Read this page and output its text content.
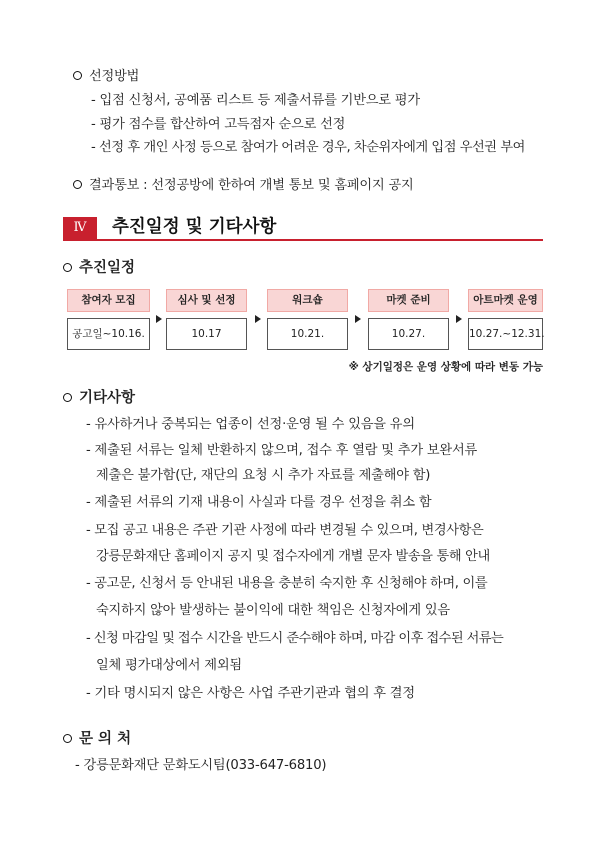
선정방법
- 입점 신청서, 공예품 리스트 등 제출서류를 기반으로 평가
- 평가 점수를 합산하여 고득점자 순으로 선정
- 선정 후 개인 사정 등으로 참여가 어려운 경우, 차순위자에게 입점 우선권 부여
결과통보 : 선정공방에 한하여 개별 통보 및 홈페이지 공지
Ⅳ	추진일정 및 기타사항
추진일정
참여자 모집
공고일~10.16.
심사 및 선정
10.17
워크숍
10.21.
마켓 준비
10.27.
아트마켓 운영
10.27.~12.31.
※ 상기일정은 운영 상황에 따라 변동 가능
기타사항
- 유사하거나 중복되는 업종이 선정·운영 될 수 있음을 유의
- 제출된 서류는 일체 반환하지 않으며, 접수 후 열람 및 추가 보완서류
제출은 불가함(단, 재단의 요청 시 추가 자료를 제출해야 함)
- 제출된 서류의 기재 내용이 사실과 다를 경우 선정을 취소 함
- 모집 공고 내용은 주관 기관 사정에 따라 변경될 수 있으며, 변경사항은
강릉문화재단 홈페이지 공지 및 접수자에게 개별 문자 발송을 통해 안내
- 공고문, 신청서 등 안내된 내용을 충분히 숙지한 후 신청해야 하며, 이를
숙지하지 않아 발생하는 불이익에 대한 책임은 신청자에게 있음
- 신청 마감일 및 접수 시간을 반드시 준수해야 하며, 마감 이후 접수된 서류는
일체 평가대상에서 제외됨
- 기타 명시되지 않은 사항은 사업 주관기관과 협의 후 결정
문 의 처
- 강릉문화재단 문화도시팀(033-647-6810)
